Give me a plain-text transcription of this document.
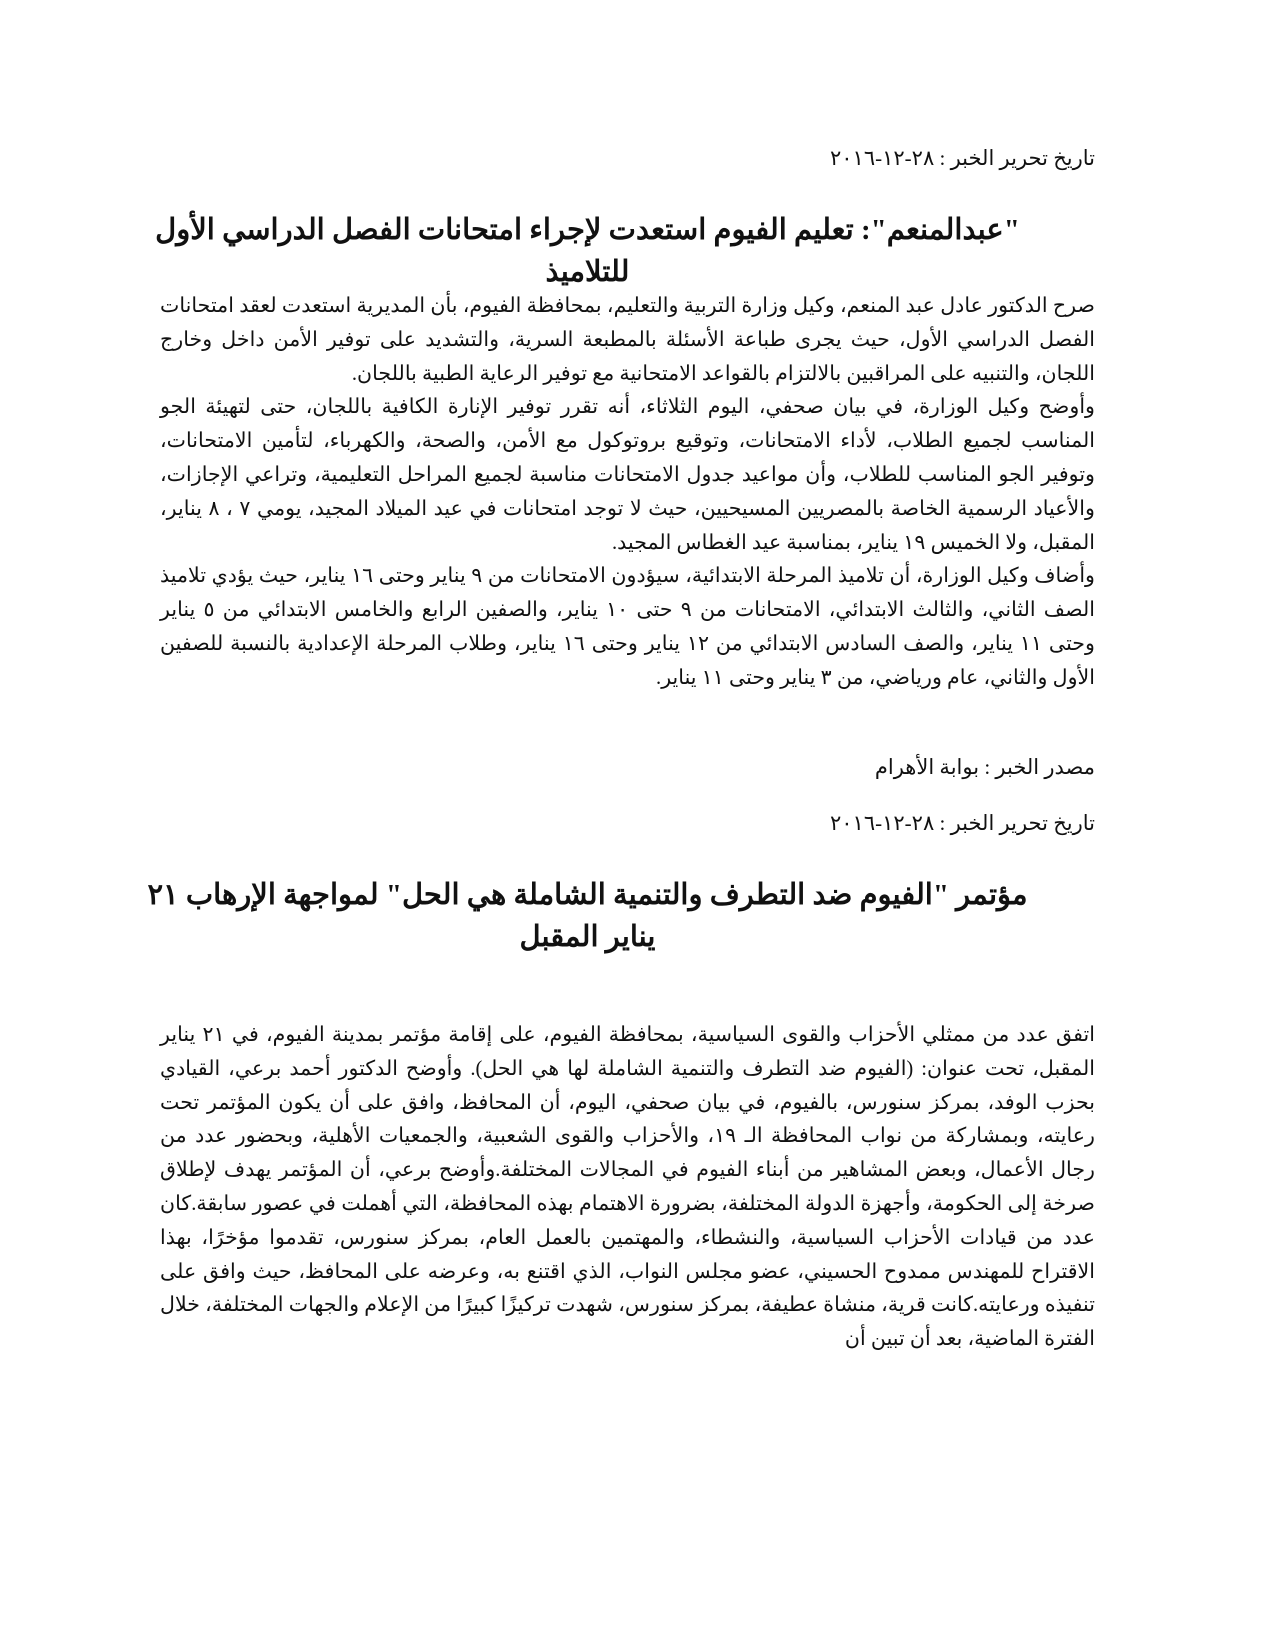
تاريخ تحرير الخبر : ٢٨-١٢-٢٠١٦
"عبدالمنعم": تعليم الفيوم استعدت لإجراء امتحانات الفصل الدراسي الأول للتلاميذ

صرح الدكتور عادل عبد المنعم، وكيل وزارة التربية والتعليم، بمحافظة الفيوم، بأن المديرية استعدت لعقد امتحانات الفصل الدراسي الأول، حيث يجرى طباعة الأسئلة بالمطبعة السرية، والتشديد على توفير الأمن داخل وخارج اللجان، والتنبيه على المراقبين بالالتزام بالقواعد الامتحانية مع توفير الرعاية الطبية باللجان.

وأوضح وكيل الوزارة، في بيان صحفي، اليوم الثلاثاء، أنه تقرر توفير الإنارة الكافية باللجان، حتى لتهيئة الجو المناسب لجميع الطلاب، لأداء الامتحانات، وتوقيع بروتوكول مع الأمن، والصحة، والكهرباء، لتأمين الامتحانات، وتوفير الجو المناسب للطلاب، وأن مواعيد جدول الامتحانات مناسبة لجميع المراحل التعليمية، وتراعي الإجازات، والأعياد الرسمية الخاصة بالمصريين المسيحيين، حيث لا توجد امتحانات في عيد الميلاد المجيد، يومي ٧ ، ٨ يناير، المقبل، ولا الخميس ١٩ يناير، بمناسبة عيد الغطاس المجيد.

وأضاف وكيل الوزارة، أن تلاميذ المرحلة الابتدائية، سيؤدون الامتحانات من ٩ يناير وحتى ١٦ يناير، حيث يؤدي تلاميذ الصف الثاني، والثالث الابتدائي، الامتحانات من ٩ حتى ١٠ يناير، والصفين الرابع والخامس الابتدائي من ٥ يناير وحتى ١١ يناير، والصف السادس الابتدائي من ١٢ يناير وحتى ١٦ يناير، وطلاب المرحلة الإعدادية بالنسبة للصفين الأول والثاني، عام ورياضي، من ٣ يناير وحتى ١١ يناير.

مصدر الخبر : بوابة الأهرام
تاريخ تحرير الخبر : ٢٨-١٢-٢٠١٦
مؤتمر "الفيوم ضد التطرف والتنمية الشاملة هي الحل" لمواجهة الإرهاب ٢١ يناير المقبل

اتفق عدد من ممثلي الأحزاب والقوى السياسية، بمحافظة الفيوم، على إقامة مؤتمر بمدينة الفيوم، في ٢١ يناير المقبل، تحت عنوان: (الفيوم ضد التطرف والتنمية الشاملة لها هي الحل). وأوضح الدكتور أحمد برعي، القيادي بحزب الوفد، بمركز سنورس، بالفيوم، في بيان صحفي، اليوم، أن المحافظ، وافق على أن يكون المؤتمر تحت رعايته، وبمشاركة من نواب المحافظة الـ ١٩، والأحزاب والقوى الشعبية، والجمعيات الأهلية، وبحضور عدد من رجال الأعمال، وبعض المشاهير من أبناء الفيوم في المجالات المختلفة.وأوضح برعي، أن المؤتمر يهدف لإطلاق صرخة إلى الحكومة، وأجهزة الدولة المختلفة، بضرورة الاهتمام بهذه المحافظة، التي أهملت في عصور سابقة.كان عدد من قيادات الأحزاب السياسية، والنشطاء، والمهتمين بالعمل العام، بمركز سنورس، تقدموا مؤخرًا، بهذا الاقتراح للمهندس ممدوح الحسيني، عضو مجلس النواب، الذي اقتنع به، وعرضه على المحافظ، حيث وافق على تنفيذه ورعايته.كانت قرية، منشاة عطيفة، بمركز سنورس، شهدت تركيزًا كبيرًا من الإعلام والجهات المختلفة، خلال الفترة الماضية، بعد أن تبين أن
